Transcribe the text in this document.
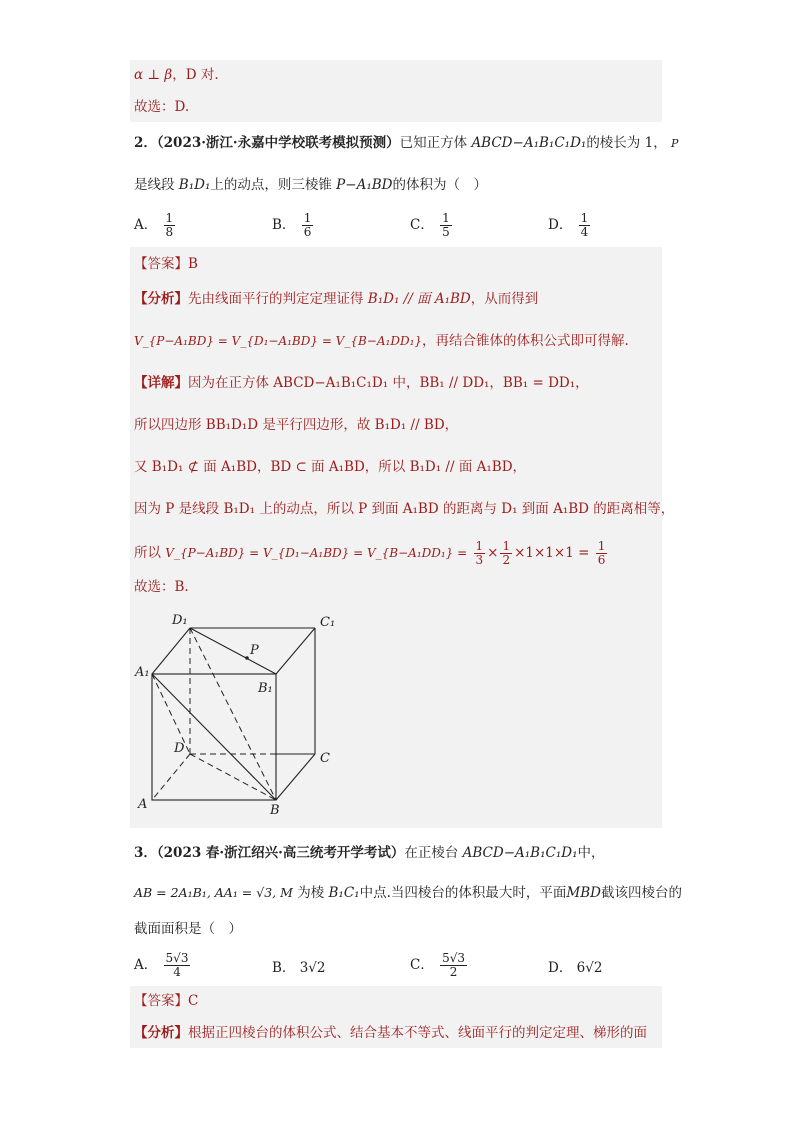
α ⊥ β，D 对.
故选：D.
2．（2023·浙江·永嘉中学校联考模拟预测）已知正方体 ABCD−A₁B₁C₁D₁的棱长为 1， P
是线段 B₁D₁上的动点，则三棱锥 P−A₁BD的体积为（　）
A． $\frac{1}{8}$	B． $\frac{1}{6}$	C． $\frac{1}{5}$	D． $\frac{1}{4}$
【答案】B
【分析】先由线面平行的判定定理证得 B₁D₁ // 面 A₁BD，从而得到
V_{P−A₁BD} = V_{D₁−A₁BD} = V_{B−A₁DD₁}，再结合锥体的体积公式即可得解.
【详解】因为在正方体 ABCD−A₁B₁C₁D₁ 中，BB₁ // DD₁，BB₁ = DD₁，
所以四边形 BB₁D₁D 是平行四边形，故 B₁D₁ // BD，
又 B₁D₁ ⊄ 面 A₁BD，BD ⊂ 面 A₁BD，所以 B₁D₁ // 面 A₁BD，
因为 P 是线段 B₁D₁ 上的动点，所以 P 到面 A₁BD 的距离与 D₁ 到面 A₁BD 的距离相等，
所以 V_{P−A₁BD} = V_{D₁−A₁BD} = V_{B−A₁DD₁} = $\frac{1}{3} \times \frac{1}{2} \times 1\times 1\times 1 = \frac{1}{6}$
故选：B.
D₁	C₁
P
A₁
B₁
D
C
A	B
3．（2023 春·浙江绍兴·高三统考开学考试）在正棱台 ABCD−A₁B₁C₁D₁中，
AB = 2A₁B₁, AA₁ = √3, M 为棱 B₁C₁中点.当四棱台的体积最大时，平面MBD截该四棱台的
截面面积是（　）
A． $\frac{5√3}{4}$	B． 3√2	C． $\frac{5√3}{2}$	D． 6√2
【答案】C
【分析】根据正四棱台的体积公式、结合基本不等式、线面平行的判定定理、梯形的面
